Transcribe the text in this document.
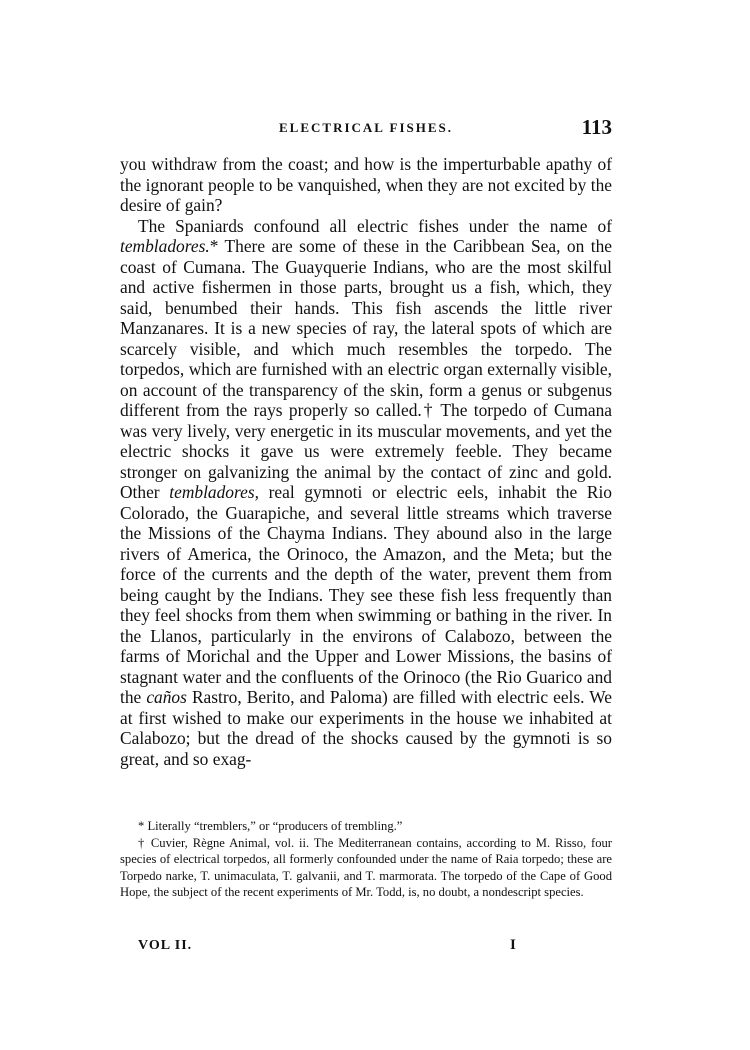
ELECTRICAL FISHES.	113

you withdraw from the coast; and how is the imperturbable apathy of the ignorant people to be vanquished, when they are not excited by the desire of gain?

The Spaniards confound all electric fishes under the name of tembladores.* There are some of these in the Caribbean Sea, on the coast of Cumana. The Guayquerie Indians, who are the most skilful and active fishermen in those parts, brought us a fish, which, they said, benumbed their hands. This fish ascends the little river Manzanares. It is a new species of ray, the lateral spots of which are scarcely visible, and which much resembles the torpedo. The torpedos, which are furnished with an electric organ externally visible, on account of the transparency of the skin, form a genus or subgenus different from the rays properly so called.† The torpedo of Cumana was very lively, very energetic in its muscular movements, and yet the electric shocks it gave us were extremely feeble. They became stronger on galvanizing the animal by the contact of zinc and gold. Other tembladores, real gymnoti or electric eels, inhabit the Rio Colorado, the Guarapiche, and several little streams which traverse the Missions of the Chayma Indians. They abound also in the large rivers of America, the Orinoco, the Amazon, and the Meta; but the force of the currents and the depth of the water, prevent them from being caught by the Indians. They see these fish less frequently than they feel shocks from them when swimming or bathing in the river. In the Llanos, particularly in the environs of Calabozo, between the farms of Morichal and the Upper and Lower Missions, the basins of stagnant water and the confluents of the Orinoco (the Rio Guarico and the caños Rastro, Berito, and Paloma) are filled with electric eels. We at first wished to make our experiments in the house we inhabited at Calabozo; but the dread of the shocks caused by the gymnoti is so great, and so exag-

* Literally “tremblers,” or “producers of trembling.”

† Cuvier, Règne Animal, vol. ii. The Mediterranean contains, according to M. Risso, four species of electrical torpedos, all formerly confounded under the name of Raia torpedo; these are Torpedo narke, T. unimaculata, T. galvanii, and T. marmorata. The torpedo of the Cape of Good Hope, the subject of the recent experiments of Mr. Todd, is, no doubt, a nondescript species.

VOL II.	I
